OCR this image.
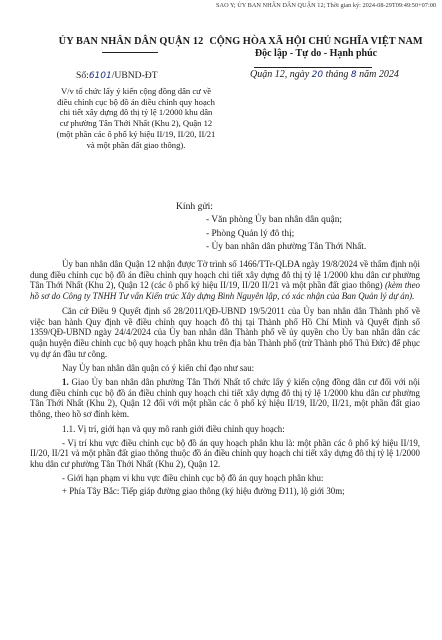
SAO Y; ỦY BAN NHÂN DÂN QUẬN 12; Thời gian ký: 2024-08-29T09:49:50+07:00
ỦY BAN NHÂN DÂN QUẬN 12 CỘNG HÒA XÃ HỘI CHỦ NGHĨA VIỆT NAM
Độc lập - Tự do - Hạnh phúc
Số:6101/UBND-ĐT	Quận 12, ngày 20 tháng 8 năm 2024
V/v tổ chức lấy ý kiến cộng đồng dân cư về điều chỉnh cục bộ đồ án điều chỉnh quy hoạch chi tiết xây dựng đô thị tỷ lệ 1/2000 khu dân cư phường Tân Thới Nhất (Khu 2), Quận 12 (một phần các ô phố ký hiệu II/19, II/20, II/21 và một phần đất giao thông).
Kính gửi:
- Văn phòng Ủy ban nhân dân quận;
- Phòng Quản lý đô thị;
- Ủy ban nhân dân phường Tân Thới Nhất.

Ủy ban nhân dân Quận 12 nhận được Tờ trình số 1466/TTr-QLĐA ngày 19/8/2024 về thẩm định nội dung điều chỉnh cục bộ đồ án điều chỉnh quy hoạch chi tiết xây dựng đô thị tỷ lệ 1/2000 khu dân cư phường Tân Thới Nhất (Khu 2), Quận 12 (các ô phố ký hiệu II/19, II/20 II/21 và một phần đất giao thông) (kèm theo hồ sơ do Công ty TNHH Tư vấn Kiến trúc Xây dựng Bình Nguyên lập, có xác nhận của Ban Quản lý dự án).

Căn cứ Điều 9 Quyết định số 28/2011/QĐ-UBND 19/5/2011 của Ủy ban nhân dân Thành phố về việc ban hành Quy định về điều chỉnh quy hoạch đô thị tại Thành phố Hồ Chí Minh và Quyết định số 1359/QĐ-UBND ngày 24/4/2024 của Ủy ban nhân dân Thành phố về ủy quyền cho Ủy ban nhân dân các quận huyện điều chỉnh cục bộ quy hoạch phân khu trên địa bàn Thành phố (trừ Thành phố Thủ Đức) để phục vụ dự án đầu tư công.

Nay Ủy ban nhân dân quận có ý kiến chỉ đạo như sau:

1. Giao Ủy ban nhân dân phường Tân Thới Nhất tổ chức lấy ý kiến cộng đồng dân cư đối với nội dung điều chỉnh cục bộ đồ án điều chỉnh quy hoạch chi tiết xây dựng đô thị tỷ lệ 1/2000 khu dân cư phường Tân Thới Nhất (Khu 2), Quận 12 đối với một phần các ô phố ký hiệu II/19, II/20, II/21, một phần đất giao thông, theo hồ sơ đính kèm.

1.1. Vị trí, giới hạn và quy mô ranh giới điều chỉnh quy hoạch:

- Vị trí khu vực điều chỉnh cục bộ đồ án quy hoạch phân khu là: một phần các ô phố ký hiệu II/19, II/20, II/21 và một phần đất giao thông thuộc đồ án điều chỉnh quy hoạch chi tiết xây dựng đô thị tỷ lệ 1/2000 khu dân cư phường Tân Thới Nhất (Khu 2), Quận 12.

- Giới hạn phạm vi khu vực điều chỉnh cục bộ đồ án quy hoạch phân khu:

+ Phía Tây Bắc: Tiếp giáp đường giao thông (ký hiệu đường Đ11), lộ giới 30m;
